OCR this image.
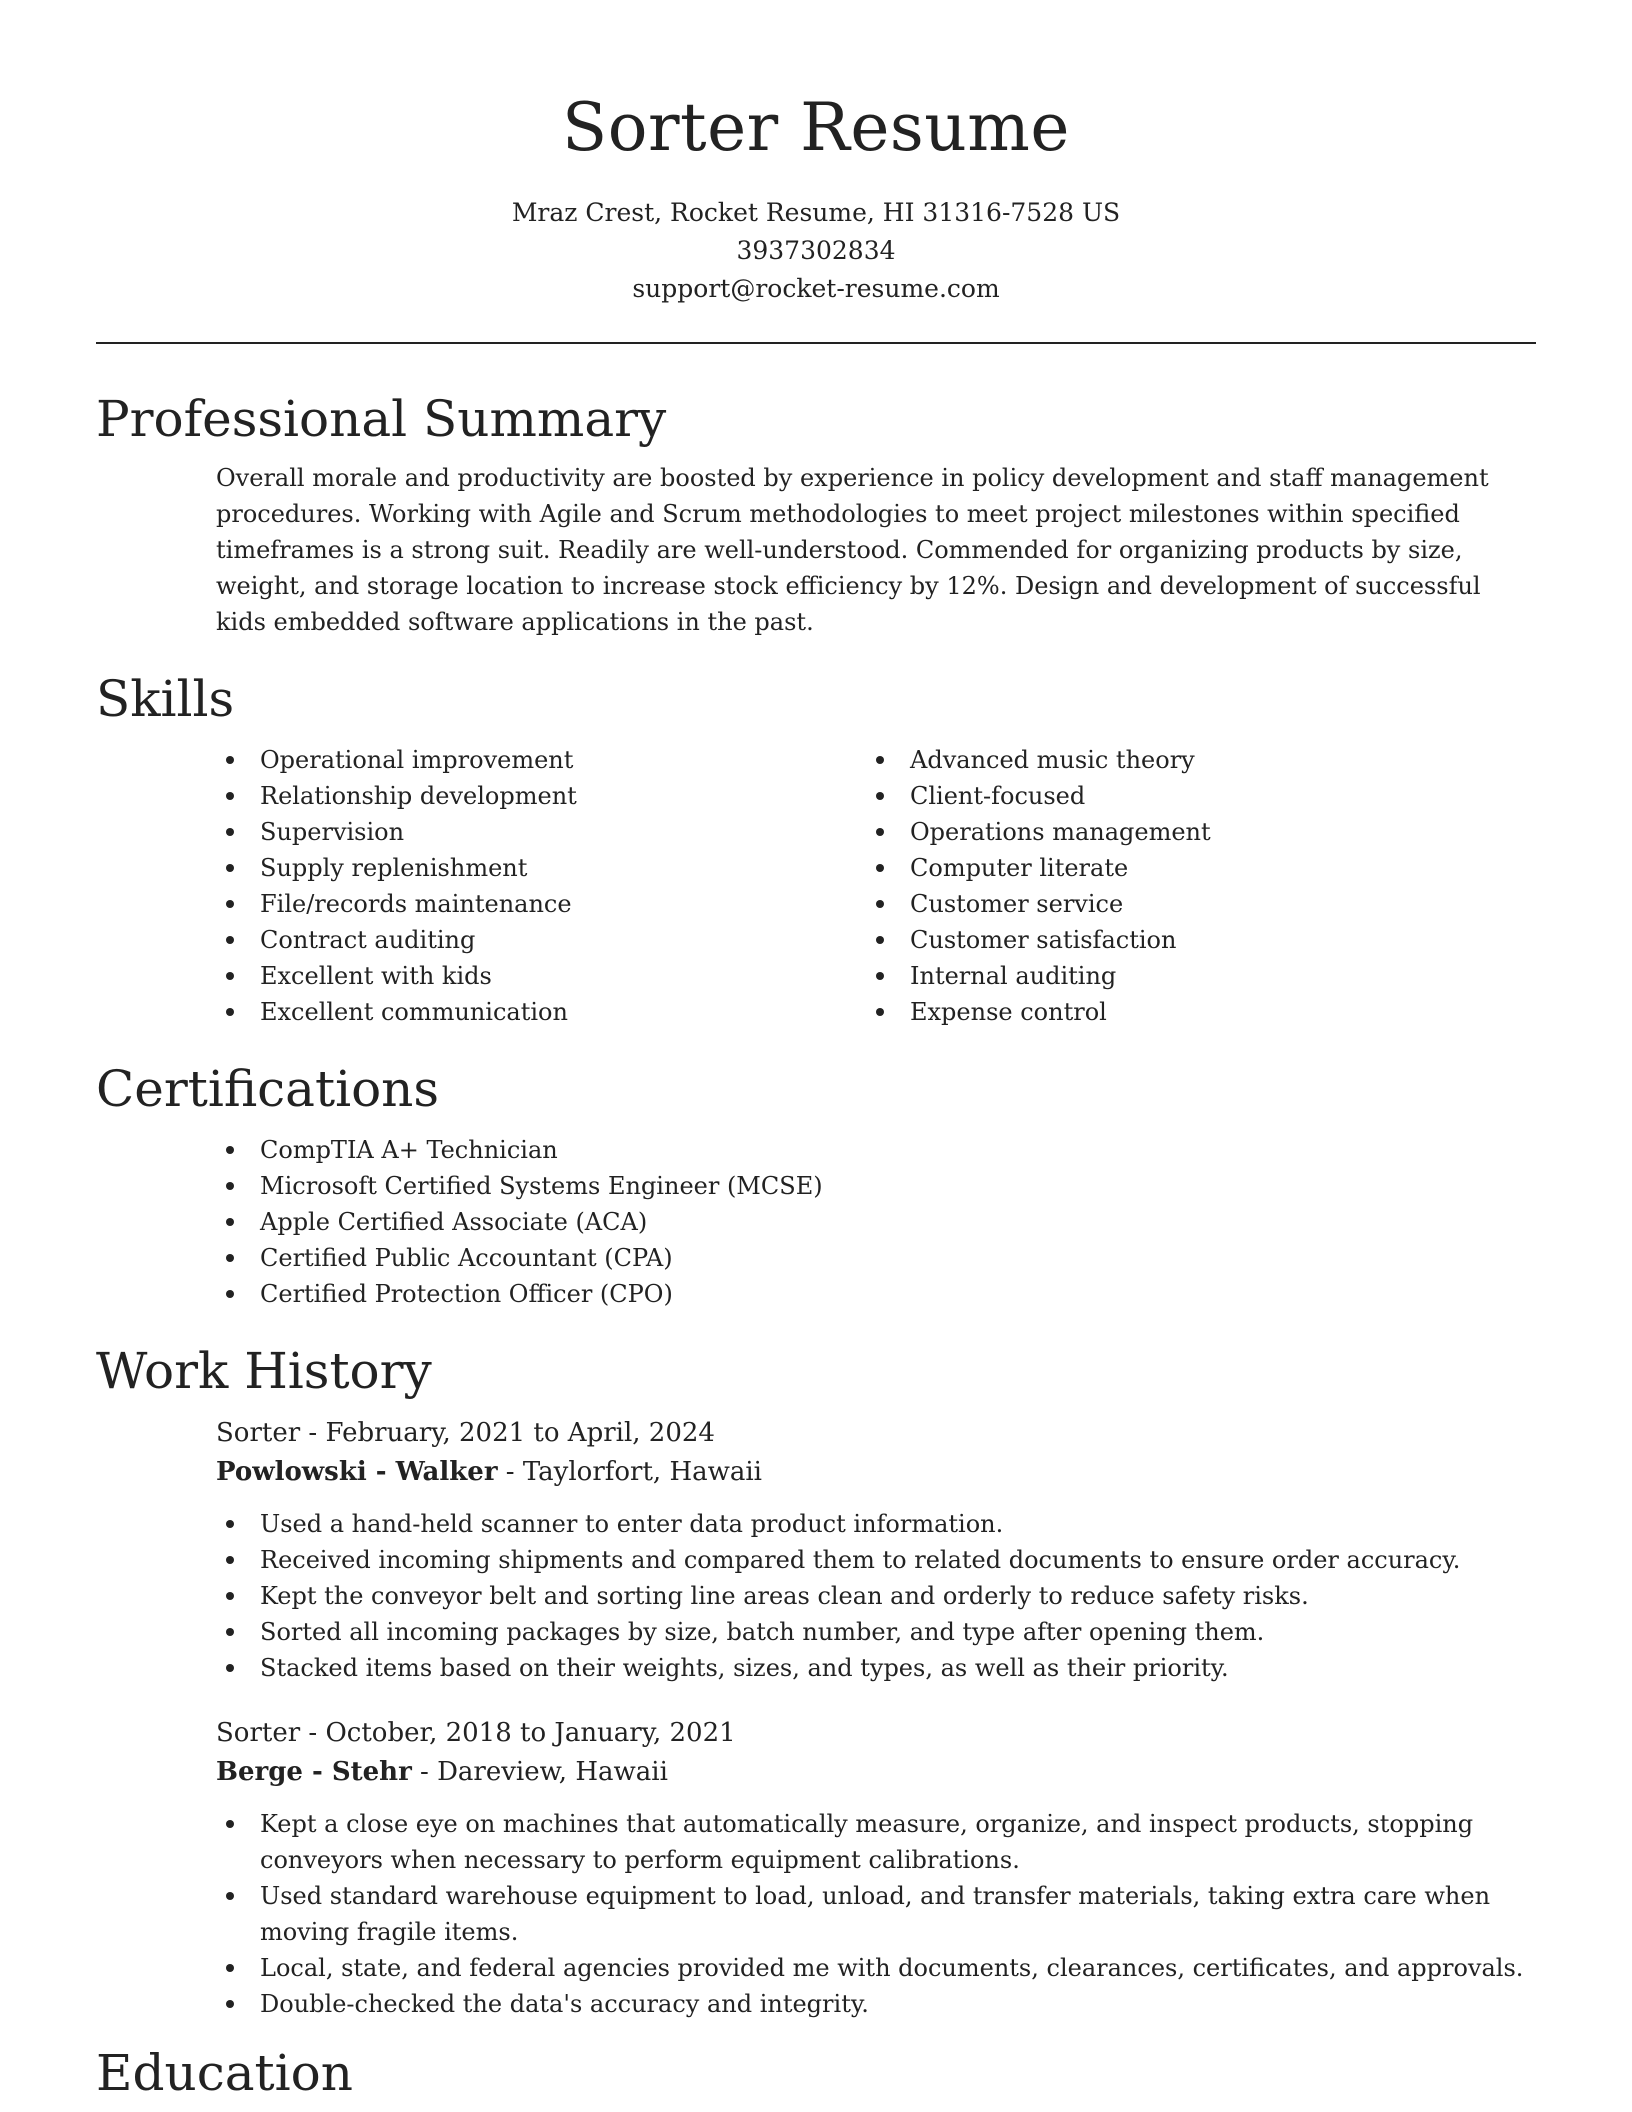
Sorter Resume
Mraz Crest, Rocket Resume, HI 31316-7528 US
3937302834
support@rocket-resume.com
Professional Summary

Overall morale and productivity are boosted by experience in policy development and staff management procedures. Working with Agile and Scrum methodologies to meet project milestones within specified timeframes is a strong suit. Readily are well-understood. Commended for organizing products by size, weight, and storage location to increase stock efficiency by 12%. Design and development of successful kids embedded software applications in the past.

Skills
Operational improvement
Relationship development
Supervision
Supply replenishment
File/records maintenance
Contract auditing
Excellent with kids
Excellent communication
Advanced music theory
Client-focused
Operations management
Computer literate
Customer service
Customer satisfaction
Internal auditing
Expense control
Certifications
CompTIA A+ Technician
Microsoft Certified Systems Engineer (MCSE)
Apple Certified Associate (ACA)
Certified Public Accountant (CPA)
Certified Protection Officer (CPO)
Work History
Sorter - February, 2021 to April, 2024
Powlowski - Walker - Taylorfort, Hawaii
Used a hand-held scanner to enter data product information.
Received incoming shipments and compared them to related documents to ensure order accuracy.
Kept the conveyor belt and sorting line areas clean and orderly to reduce safety risks.
Sorted all incoming packages by size, batch number, and type after opening them.
Stacked items based on their weights, sizes, and types, as well as their priority.
Sorter - October, 2018 to January, 2021
Berge - Stehr - Dareview, Hawaii
Kept a close eye on machines that automatically measure, organize, and inspect products, stopping conveyors when necessary to perform equipment calibrations.
Used standard warehouse equipment to load, unload, and transfer materials, taking extra care when moving fragile items.
Local, state, and federal agencies provided me with documents, clearances, certificates, and approvals.
Double-checked the data's accuracy and integrity.
Education
